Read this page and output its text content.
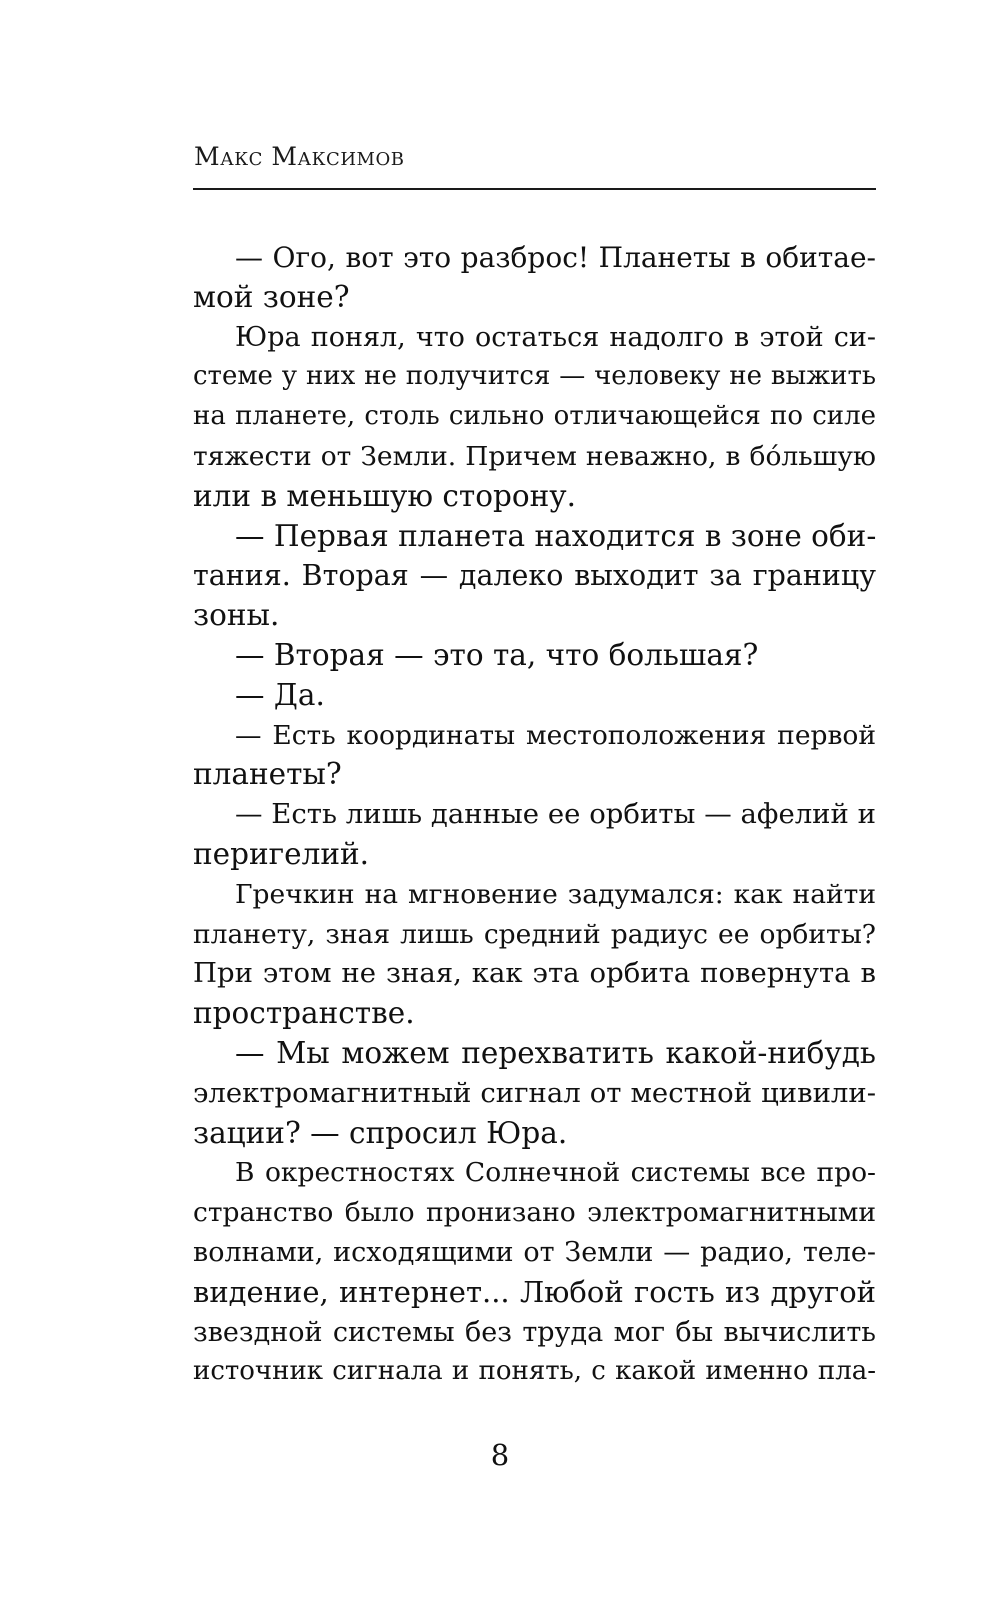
Макс Максимов
— Ого, вот это разброс! Планеты в обитае-
мой зоне?
Юра понял, что остаться надолго в этой си-
стеме у них не получится — человеку не выжить
на планете, столь сильно отличающейся по силе
тяжести от Земли. Причем неважно, в бóльшую
или в меньшую сторону.
— Первая планета находится в зоне оби-
тания. Вторая — далеко выходит за границу
зоны.
— Вторая — это та, что большая?
— Да.
— Есть координаты местоположения первой
планеты?
— Есть лишь данные ее орбиты — афелий и
перигелий.
Гречкин на мгновение задумался: как найти
планету, зная лишь средний радиус ее орбиты?
При этом не зная, как эта орбита повернута в
пространстве.
— Мы можем перехватить какой-нибудь
электромагнитный сигнал от местной цивили-
зации? — спросил Юра.
В окрестностях Солнечной системы все про-
странство было пронизано электромагнитными
волнами, исходящими от Земли — радио, теле-
видение, интернет... Любой гость из другой
звездной системы без труда мог бы вычислить
источник сигнала и понять, с какой именно пла-
8
